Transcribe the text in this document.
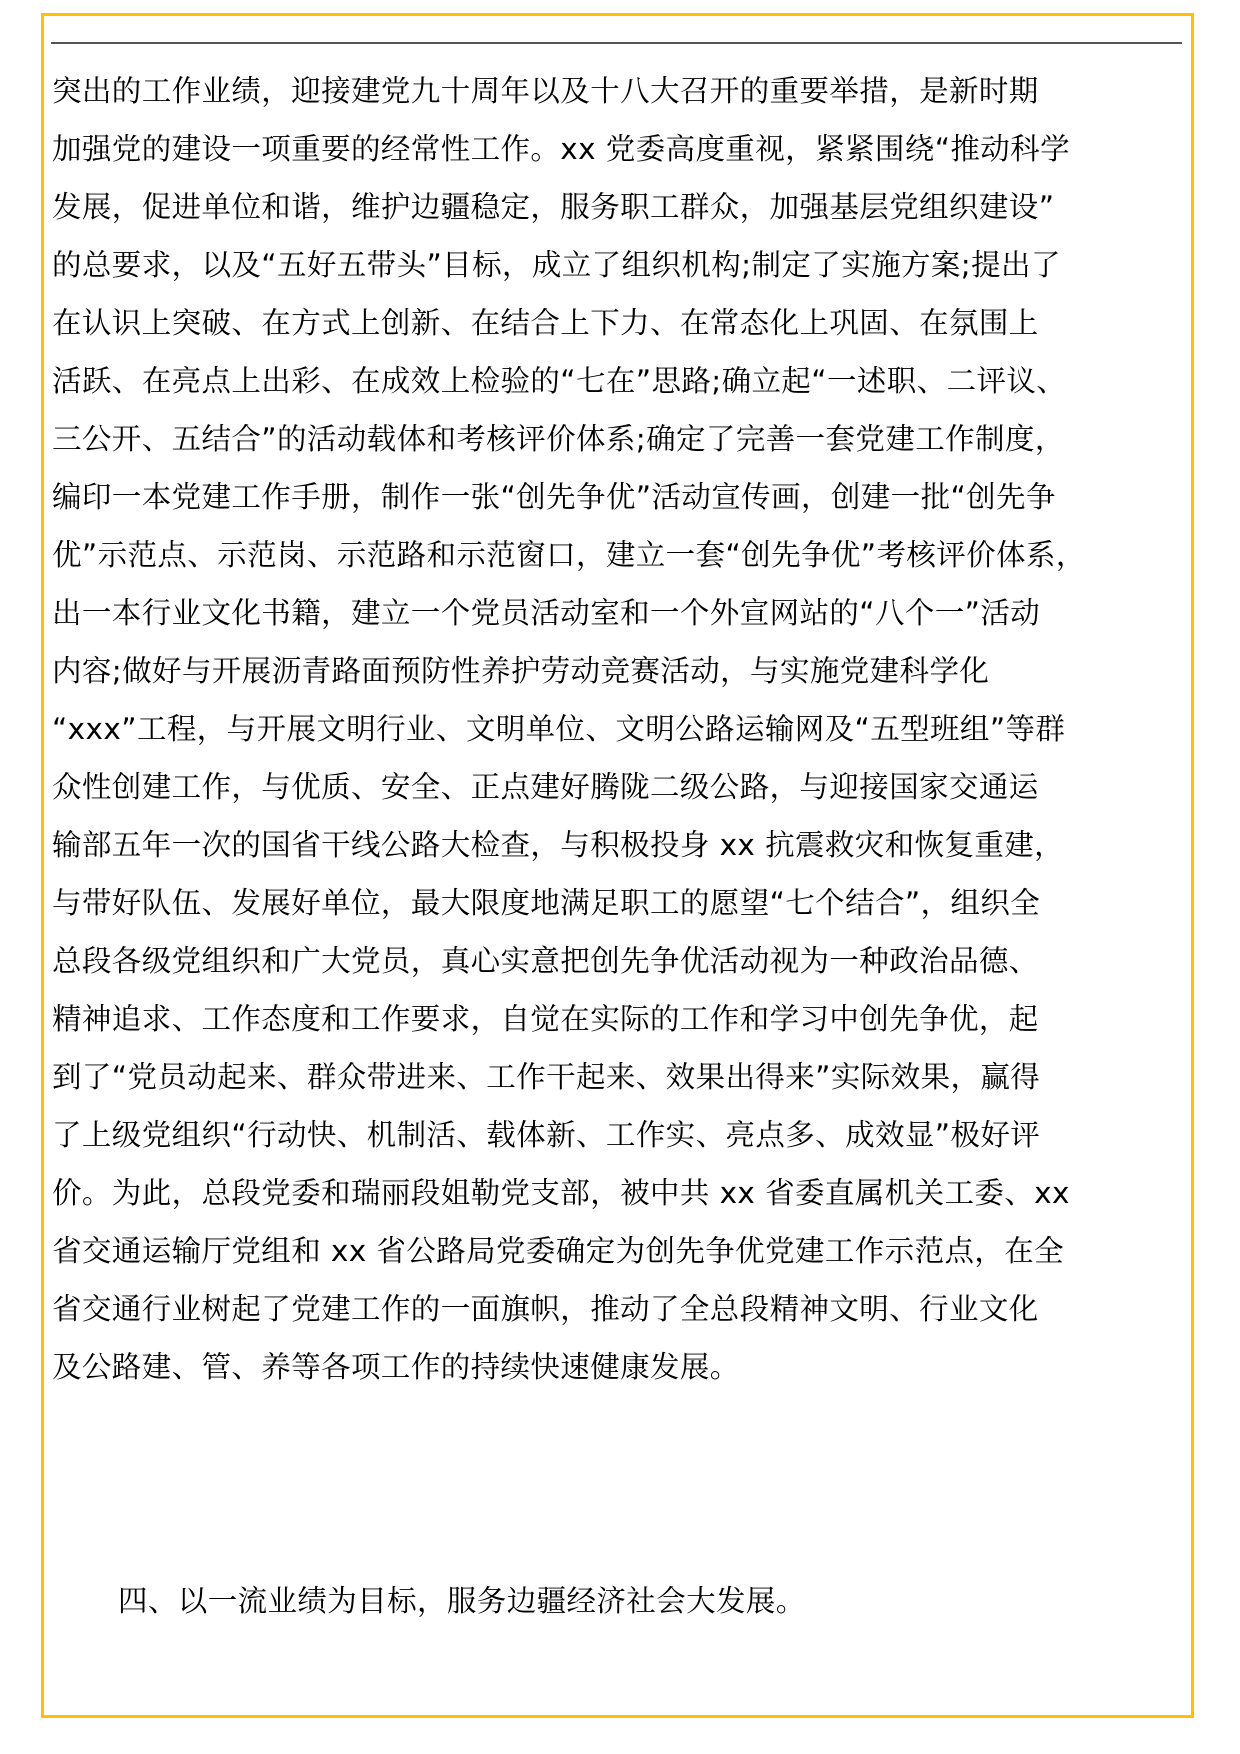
突出的工作业绩，迎接建党九十周年以及十八大召开的重要举措，是新时期
加强党的建设一项重要的经常性工作。xx 党委高度重视，紧紧围绕“推动科学
发展，促进单位和谐，维护边疆稳定，服务职工群众，加强基层党组织建设”
的总要求，以及“五好五带头”目标，成立了组织机构;制定了实施方案;提出了
在认识上突破、在方式上创新、在结合上下力、在常态化上巩固、在氛围上
活跃、在亮点上出彩、在成效上检验的“七在”思路;确立起“一述职、二评议、
三公开、五结合”的活动载体和考核评价体系;确定了完善一套党建工作制度，
编印一本党建工作手册，制作一张“创先争优”活动宣传画，创建一批“创先争
优”示范点、示范岗、示范路和示范窗口，建立一套“创先争优”考核评价体系，
出一本行业文化书籍，建立一个党员活动室和一个外宣网站的“八个一”活动
内容;做好与开展沥青路面预防性养护劳动竞赛活动，与实施党建科学化
“xxx”工程，与开展文明行业、文明单位、文明公路运输网及“五型班组”等群
众性创建工作，与优质、安全、正点建好腾陇二级公路，与迎接国家交通运
输部五年一次的国省干线公路大检查，与积极投身 xx 抗震救灾和恢复重建，
与带好队伍、发展好单位，最大限度地满足职工的愿望“七个结合”，组织全
总段各级党组织和广大党员，真心实意把创先争优活动视为一种政治品德、
精神追求、工作态度和工作要求，自觉在实际的工作和学习中创先争优，起
到了“党员动起来、群众带进来、工作干起来、效果出得来”实际效果，赢得
了上级党组织“行动快、机制活、载体新、工作实、亮点多、成效显”极好评
价。为此，总段党委和瑞丽段姐勒党支部，被中共 xx 省委直属机关工委、xx
省交通运输厅党组和 xx 省公路局党委确定为创先争优党建工作示范点，在全
省交通行业树起了党建工作的一面旗帜，推动了全总段精神文明、行业文化
及公路建、管、养等各项工作的持续快速健康发展。
四、以一流业绩为目标，服务边疆经济社会大发展。
